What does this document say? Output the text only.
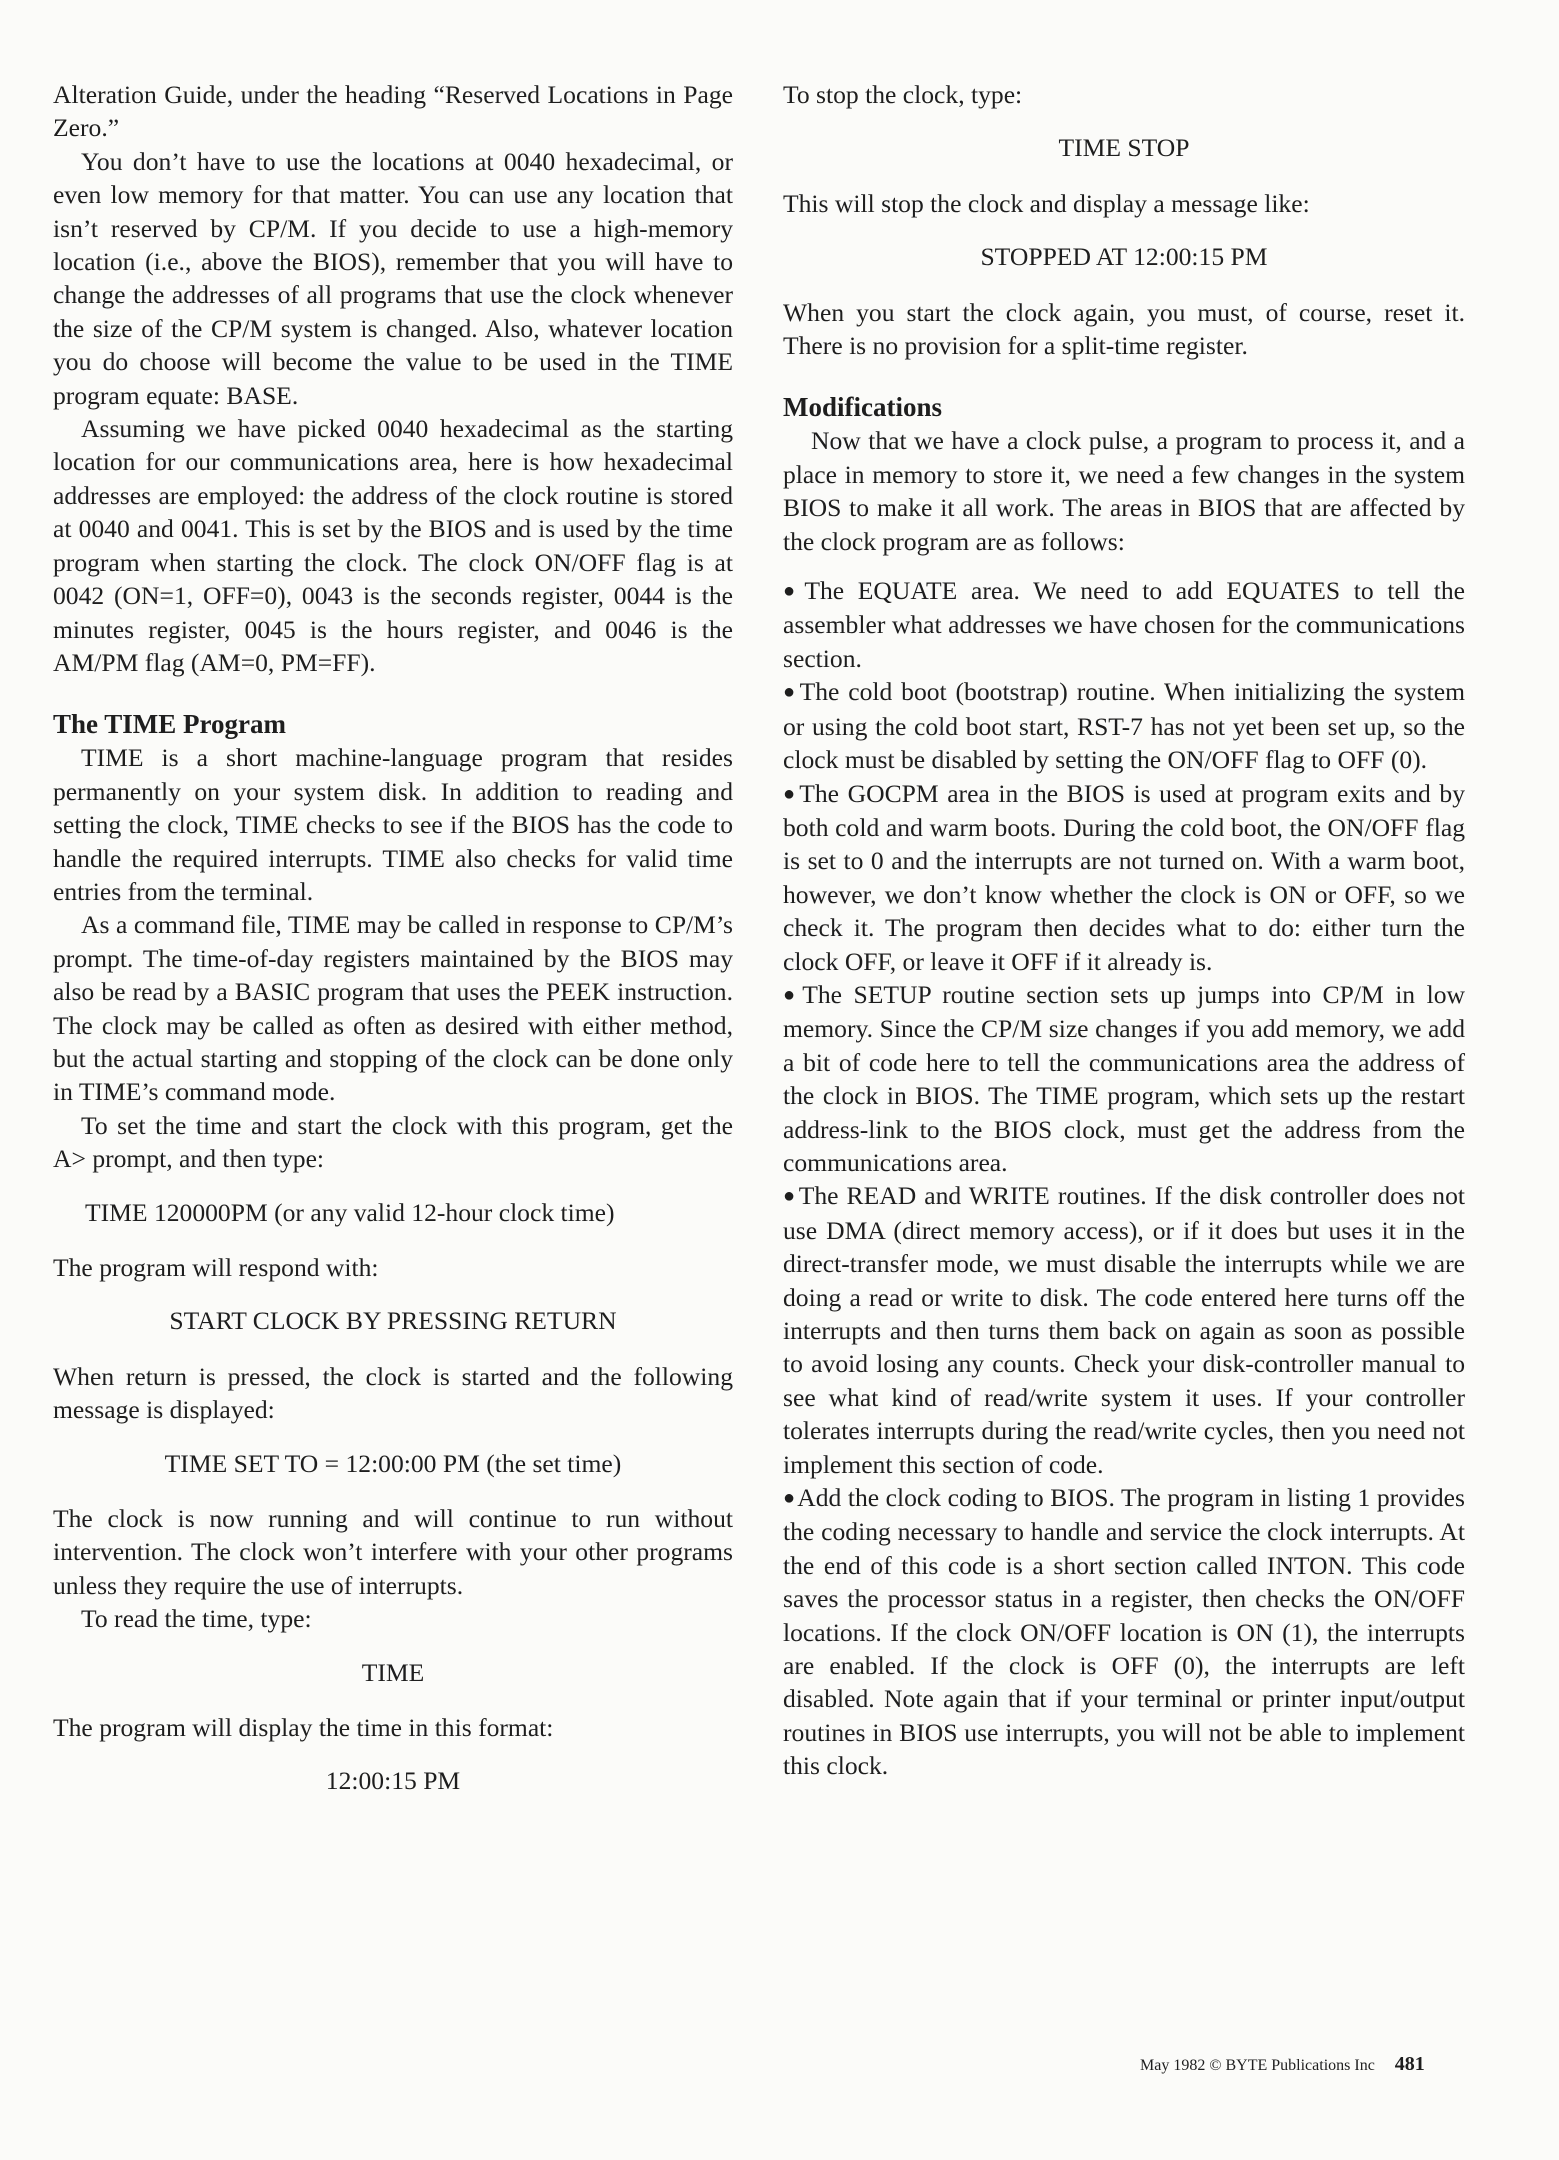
Alteration Guide, under the heading “Reserved Locations in Page Zero.”

You don’t have to use the locations at 0040 hexadecimal, or even low memory for that matter. You can use any location that isn’t reserved by CP/M. If you decide to use a high-memory location (i.e., above the BIOS), remember that you will have to change the addresses of all programs that use the clock whenever the size of the CP/M system is changed. Also, whatever location you do choose will become the value to be used in the TIME program equate: BASE.

Assuming we have picked 0040 hexadecimal as the starting location for our communications area, here is how hexadecimal addresses are employed: the address of the clock routine is stored at 0040 and 0041. This is set by the BIOS and is used by the time program when starting the clock. The clock ON/OFF flag is at 0042 (ON=1, OFF=0), 0043 is the seconds register, 0044 is the minutes register, 0045 is the hours register, and 0046 is the AM/PM flag (AM=0, PM=FF).

The TIME Program

TIME is a short machine-language program that resides permanently on your system disk. In addition to reading and setting the clock, TIME checks to see if the BIOS has the code to handle the required interrupts. TIME also checks for valid time entries from the terminal.

As a command file, TIME may be called in response to CP/M’s prompt. The time-of-day registers maintained by the BIOS may also be read by a BASIC program that uses the PEEK instruction. The clock may be called as often as desired with either method, but the actual starting and stopping of the clock can be done only in TIME’s command mode.

To set the time and start the clock with this program, get the A> prompt, and then type:

TIME 120000PM (or any valid 12-hour clock time)

The program will respond with:

START CLOCK BY PRESSING RETURN

When return is pressed, the clock is started and the following message is displayed:

TIME SET TO = 12:00:00 PM (the set time)

The clock is now running and will continue to run without intervention. The clock won’t interfere with your other programs unless they require the use of interrupts.

To read the time, type:

TIME

The program will display the time in this format:

12:00:15 PM

To stop the clock, type:

TIME STOP

This will stop the clock and display a message like:

STOPPED AT 12:00:15 PM

When you start the clock again, you must, of course, reset it. There is no provision for a split-time register.

Modifications

Now that we have a clock pulse, a program to process it, and a place in memory to store it, we need a few changes in the system BIOS to make it all work. The areas in BIOS that are affected by the clock program are as follows:

●The EQUATE area. We need to add EQUATES to tell the assembler what addresses we have chosen for the communications section.

●The cold boot (bootstrap) routine. When initializing the system or using the cold boot start, RST-7 has not yet been set up, so the clock must be disabled by setting the ON/OFF flag to OFF (0).

●The GOCPM area in the BIOS is used at program exits and by both cold and warm boots. During the cold boot, the ON/OFF flag is set to 0 and the interrupts are not turned on. With a warm boot, however, we don’t know whether the clock is ON or OFF, so we check it. The program then decides what to do: either turn the clock OFF, or leave it OFF if it already is.

●The SETUP routine section sets up jumps into CP/M in low memory. Since the CP/M size changes if you add memory, we add a bit of code here to tell the communications area the address of the clock in BIOS. The TIME program, which sets up the restart address-link to the BIOS clock, must get the address from the communications area.

●The READ and WRITE routines. If the disk controller does not use DMA (direct memory access), or if it does but uses it in the direct-transfer mode, we must disable the interrupts while we are doing a read or write to disk. The code entered here turns off the interrupts and then turns them back on again as soon as possible to avoid losing any counts. Check your disk-controller manual to see what kind of read/write system it uses. If your controller tolerates interrupts during the read/write cycles, then you need not implement this section of code.

●Add the clock coding to BIOS. The program in listing 1 provides the coding necessary to handle and service the clock interrupts. At the end of this code is a short section called INTON. This code saves the processor status in a register, then checks the ON/OFF locations. If the clock ON/OFF location is ON (1), the interrupts are enabled. If the clock is OFF (0), the interrupts are left disabled. Note again that if your terminal or printer input/output routines in BIOS use interrupts, you will not be able to implement this clock.

May 1982 © BYTE Publications Inc 481
